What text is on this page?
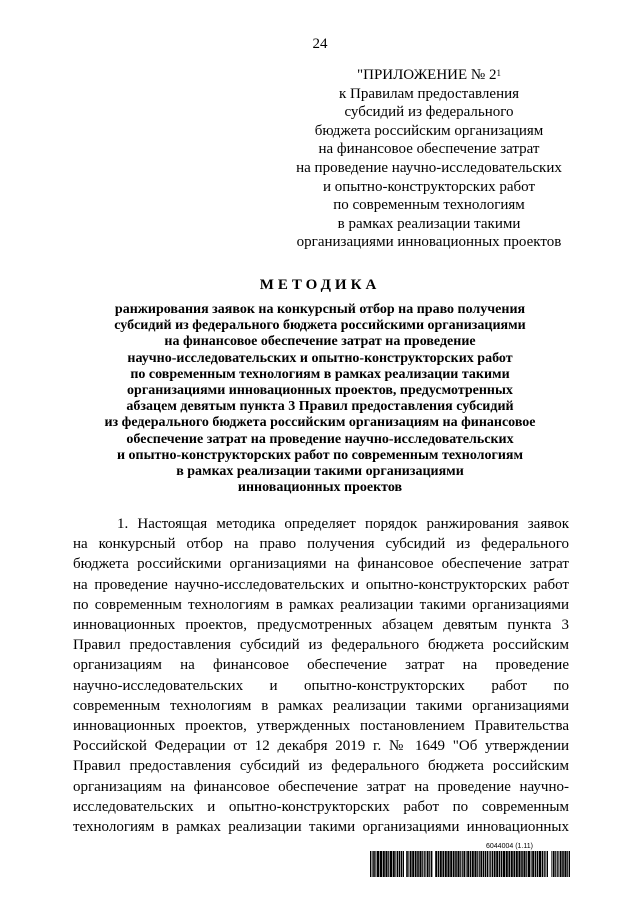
24
"ПРИЛОЖЕНИЕ № $2^1$
к Правилам предоставления
субсидий из федерального
бюджета российским организациям
на финансовое обеспечение затрат
на проведение научно-исследовательских
и опытно-конструкторских работ
по современным технологиям
в рамках реализации такими
организациями инновационных проектов
МЕТОДИКА
ранжирования заявок на конкурсный отбор на право получения
субсидий из федерального бюджета российскими организациями
на финансовое обеспечение затрат на проведение
научно-исследовательских и опытно-конструкторских работ
по современным технологиям в рамках реализации такими
организациями инновационных проектов, предусмотренных
абзацем девятым пункта 3 Правил предоставления субсидий
из федерального бюджета российским организациям на финансовое
обеспечение затрат на проведение научно-исследовательских
и опытно-конструкторских работ по современным технологиям
в рамках реализации такими организациями
инновационных проектов
1. Настоящая методика определяет порядок ранжирования заявок
на конкурсный отбор на право получения субсидий из федерального
бюджета российскими организациями на финансовое обеспечение затрат
на проведение научно-исследовательских и опытно-конструкторских работ
по современным технологиям в рамках реализации такими организациями
инновационных проектов, предусмотренных абзацем девятым пункта 3
Правил предоставления субсидий из федерального бюджета российским
организациям на финансовое обеспечение затрат на проведение
научно-исследовательских и опытно-конструкторских работ по
современным технологиям в рамках реализации такими организациями
инновационных проектов, утвержденных постановлением Правительства
Российской Федерации от 12 декабря 2019 г. № 1649 "Об утверждении
Правил предоставления субсидий из федерального бюджета российским
организациям на финансовое обеспечение затрат на проведение научно-
исследовательских и опытно-конструкторских работ по современным
технологиям в рамках реализации такими организациями инновационных
6044004 (1.11)
